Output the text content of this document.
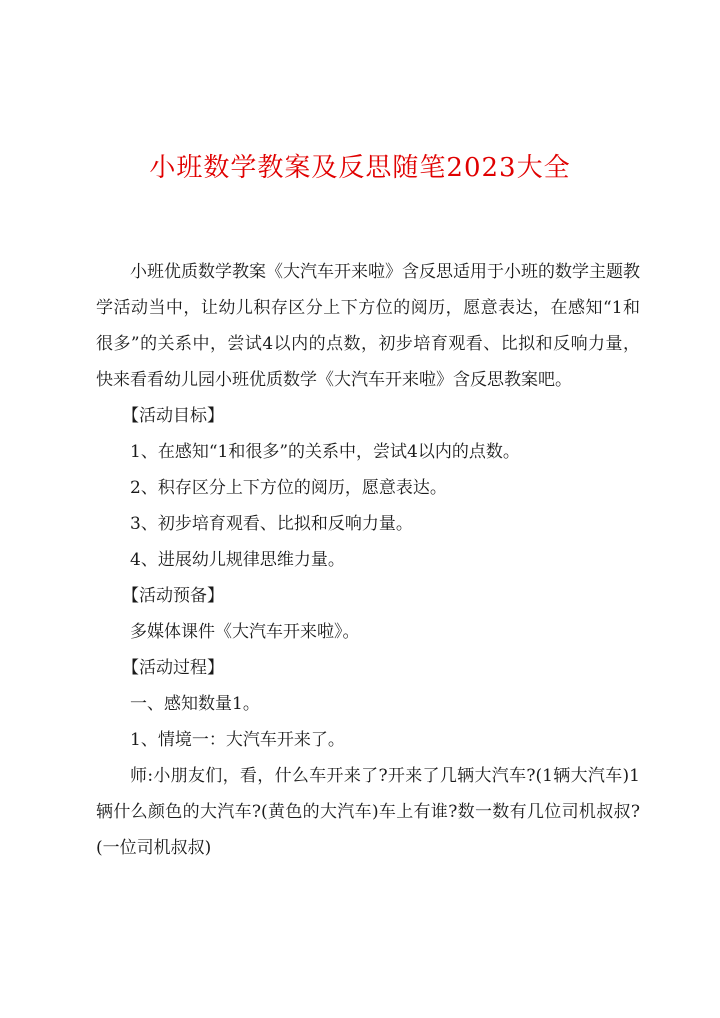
小班数学教案及反思随笔2023大全

小班优质数学教案《大汽车开来啦》含反思适用于小班的数学主题教学活动当中，让幼儿积存区分上下方位的阅历，愿意表达，在感知“1和很多”的关系中，尝试4以内的点数，初步培育观看、比拟和反响力量，快来看看幼儿园小班优质数学《大汽车开来啦》含反思教案吧。

【活动目标】

1、在感知“1和很多”的关系中，尝试4以内的点数。

2、积存区分上下方位的阅历，愿意表达。

3、初步培育观看、比拟和反响力量。

4、进展幼儿规律思维力量。

【活动预备】

多媒体课件《大汽车开来啦》。

【活动过程】

一、感知数量1。

1、情境一：大汽车开来了。

师:小朋友们，看，什么车开来了?开来了几辆大汽车?(1辆大汽车)1辆什么颜色的大汽车?(黄色的大汽车)车上有谁?数一数有几位司机叔叔?(一位司机叔叔)
